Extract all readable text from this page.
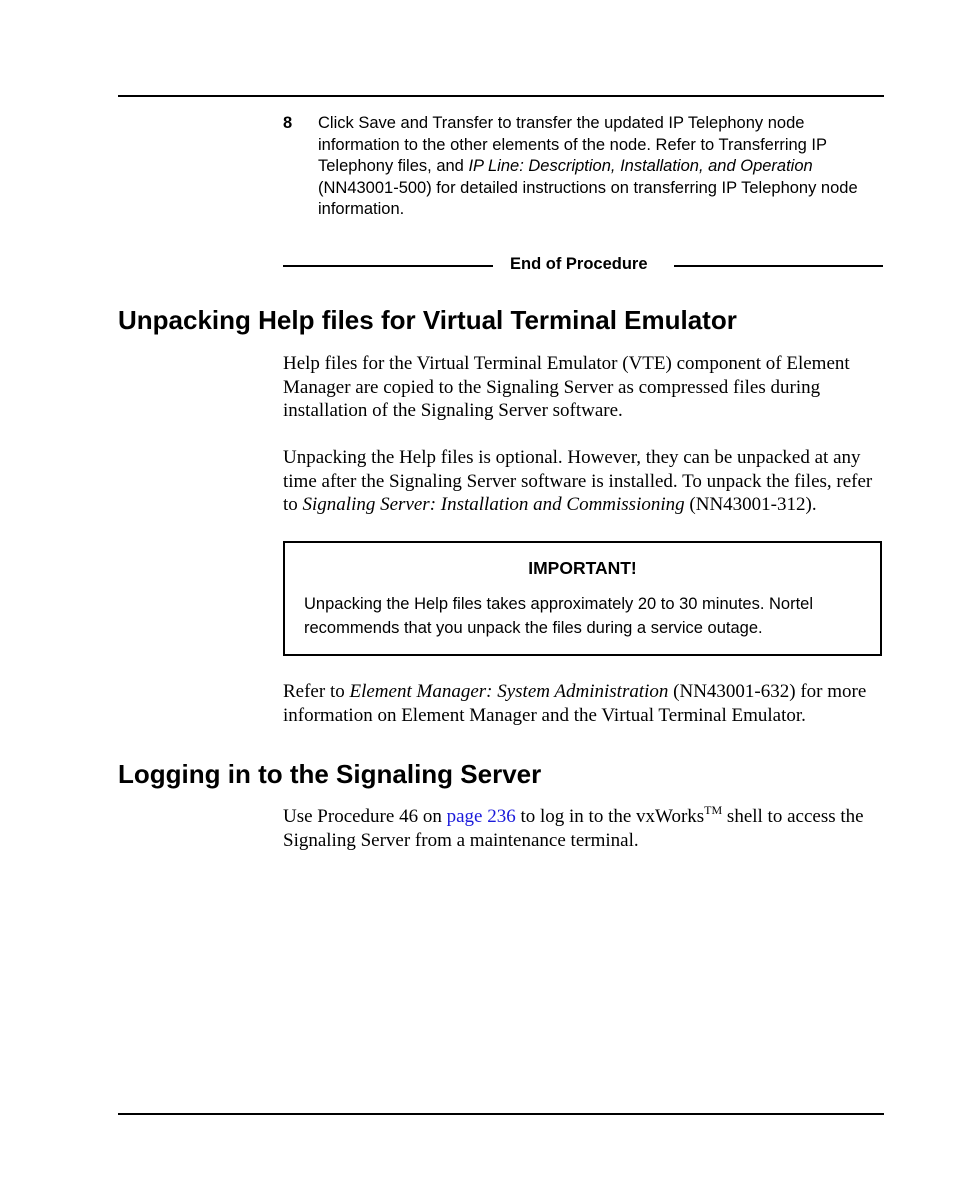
8 Click Save and Transfer to transfer the updated IP Telephony node information to the other elements of the node. Refer to Transferring IP Telephony files, and IP Line: Description, Installation, and Operation (NN43001-500) for detailed instructions on transferring IP Telephony node information.
End of Procedure
Unpacking Help files for Virtual Terminal Emulator

Help files for the Virtual Terminal Emulator (VTE) component of Element Manager are copied to the Signaling Server as compressed files during installation of the Signaling Server software.

Unpacking the Help files is optional. However, they can be unpacked at any time after the Signaling Server software is installed. To unpack the files, refer to Signaling Server: Installation and Commissioning (NN43001-312).

IMPORTANT!
Unpacking the Help files takes approximately 20 to 30 minutes. Nortel recommends that you unpack the files during a service outage.

Refer to Element Manager: System Administration (NN43001-632) for more information on Element Manager and the Virtual Terminal Emulator.

Logging in to the Signaling Server

Use Procedure 46 on page 236 to log in to the vxWorks™ shell to access the Signaling Server from a maintenance terminal.
